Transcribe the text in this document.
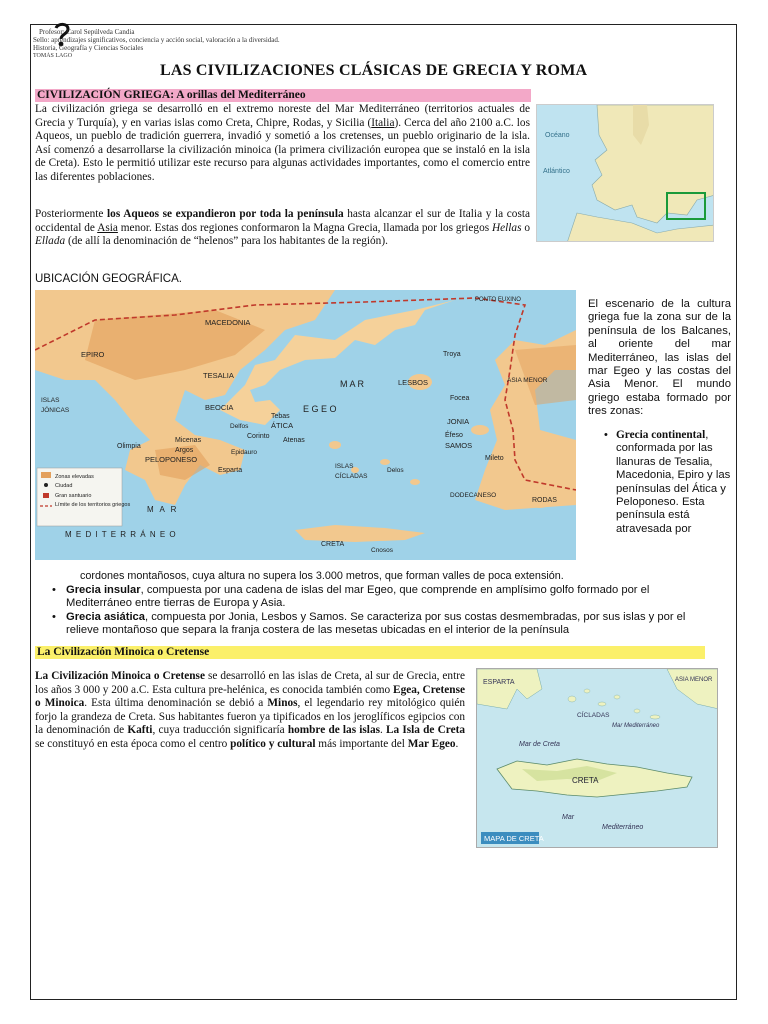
Profesor: Carol Sepúlveda Candia
Sello: aprendizajes significativos, conciencia y acción social, valoración a la diversidad.
Historia, Geografía y Ciencias Sociales
TOMÁS LAGO
LAS CIVILIZACIONES CLÁSICAS DE GRECIA Y ROMA
CIVILIZACIÓN GRIEGA: A orillas del Mediterráneo
La civilización griega se desarrolló en el extremo noreste del Mar Mediterráneo (territorios actuales de Grecia y Turquía), y en varias islas como Creta, Chipre, Rodas, y Sicilia (Italia). Cerca del año 2100 a.C. los Aqueos, un pueblo de tradición guerrera, invadió y sometió a los cretenses, un pueblo originario de la isla. Así comenzó a desarrollarse la civilización minoica (la primera civilización europea que se instaló en la isla de Creta). Esto le permitió utilizar este recurso para algunas actividades importantes, como el comercio entre las diferentes poblaciones.
Posteriormente los Aqueos se expandieron por toda la península hasta alcanzar el sur de Italia y la costa occidental de Asia menor. Estas dos regiones conformaron la Magna Grecia, llamada por los griegos Hellas o Ellada (de allí la denominación de “helenos” para los habitantes de la región).
UBICACIÓN GEOGRÁFICA.
Océano
Atlántico
Zonas elevadas
Ciudad
Gran santuario
Límite de los territorios griegos
PONTO EUXINO
MACEDONIA
EPIRO
TESALIA
Troya
ASIA MENOR
M A R	LESBOS
E G E O
Focea
BEOCIA
Delfos
Tebas
ÁTICA
Corinto
Atenas
JONIA
Éfeso
SAMOS
Mileto
ISLAS
JÓNICAS
Micenas
Argos
Olimpia
PELOPONESO
Epidauro
Esparta
ISLAS
CÍCLADAS
Delos
DODECANESO
RODAS
M A R
M E D I T E R R Á N E O
CRETA
Cnosos
El escenario de la cultura griega fue la zona sur de la península de los Balcanes, al oriente del mar Mediterráneo, las islas del mar Egeo y las costas del Asia Menor. El mundo griego estaba formado por tres zonas:
• Grecia continental, conformada por las llanuras de Tesalia, Macedonia, Epiro y las penínsulas del Ática y Peloponeso. Esta península está atravesada por
cordones montañosos, cuya altura no supera los 3.000 metros, que forman valles de poca extensión.
• Grecia insular, compuesta por una cadena de islas del mar Egeo, que comprende en amplísimo golfo formado por el Mediterráneo entre tierras de Europa y Asia.
• Grecia asiática, compuesta por Jonia, Lesbos y Samos. Se caracteriza por sus costas desmembradas, por sus islas y por el relieve montañoso que separa la franja costera de las mesetas ubicadas en el interior de la península
La Civilización Minoica o Cretense
La Civilización Minoica o Cretense se desarrolló en las islas de Creta, al sur de Grecia, entre los años 3 000 y 200 a.C. Esta cultura pre-helénica, es conocida también como Egea, Cretense o Minoica. Esta última denominación se debió a Minos, el legendario rey mitológico quién forjo la grandeza de Creta. Sus habitantes fueron ya tipificados en los jeroglíficos egipcios con la denominación de Kafti, cuya traducción significaría hombre de las islas. La Isla de Creta se constituyó en esta época como el centro político y cultural más importante del Mar Egeo.
ESPARTA	ASIA MENOR
CÍCLADAS
Mar Mediterráneo
Mar de Creta
CRETA
Mar
Mediterráneo
MAPA DE CRETA
